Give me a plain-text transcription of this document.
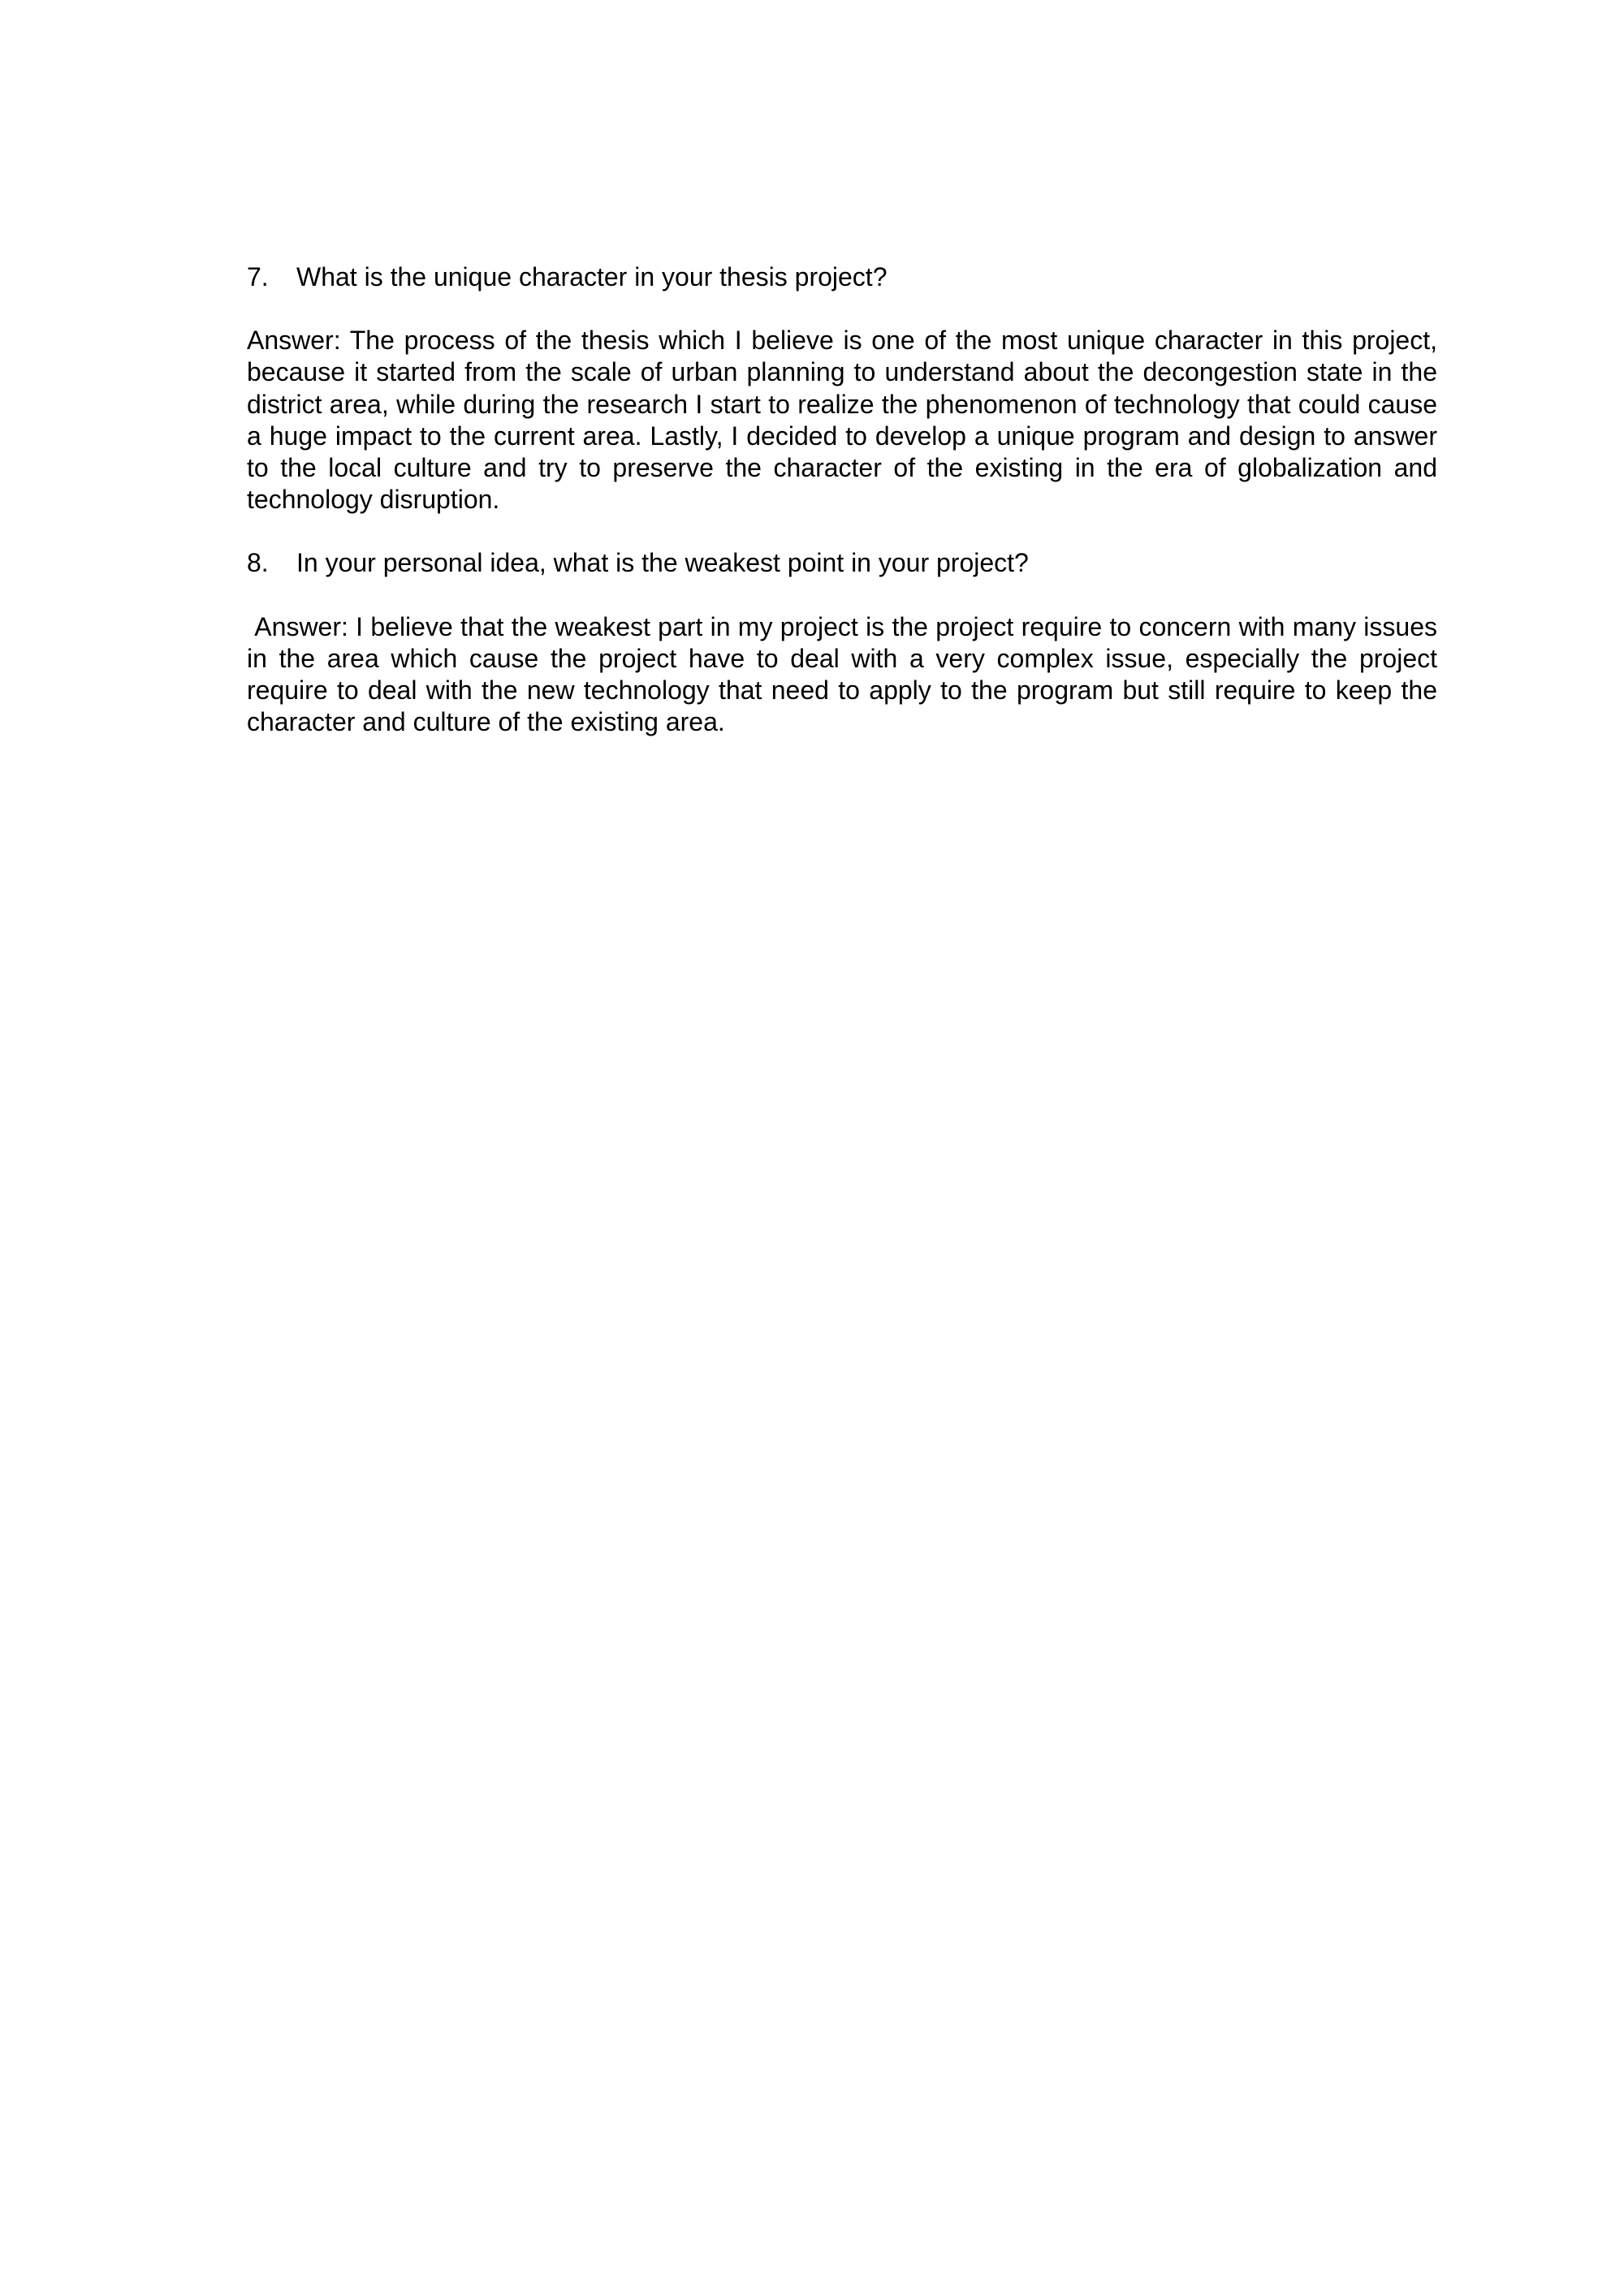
7.	What is the unique character in your thesis project?

Answer: The process of the thesis which I believe is one of the most unique character in this project, because it started from the scale of urban planning to understand about the decongestion state in the district area, while during the research I start to realize the phenomenon of technology that could cause a huge impact to the current area. Lastly, I decided to develop a unique program and design to answer to the local culture and try to preserve the character of the existing in the era of globalization and technology disruption.

8.	In your personal idea, what is the weakest point in your project?

Answer: I believe that the weakest part in my project is the project require to concern with many issues in the area which cause the project have to deal with a very complex issue, especially the project require to deal with the new technology that need to apply to the program but still require to keep the character and culture of the existing area.
